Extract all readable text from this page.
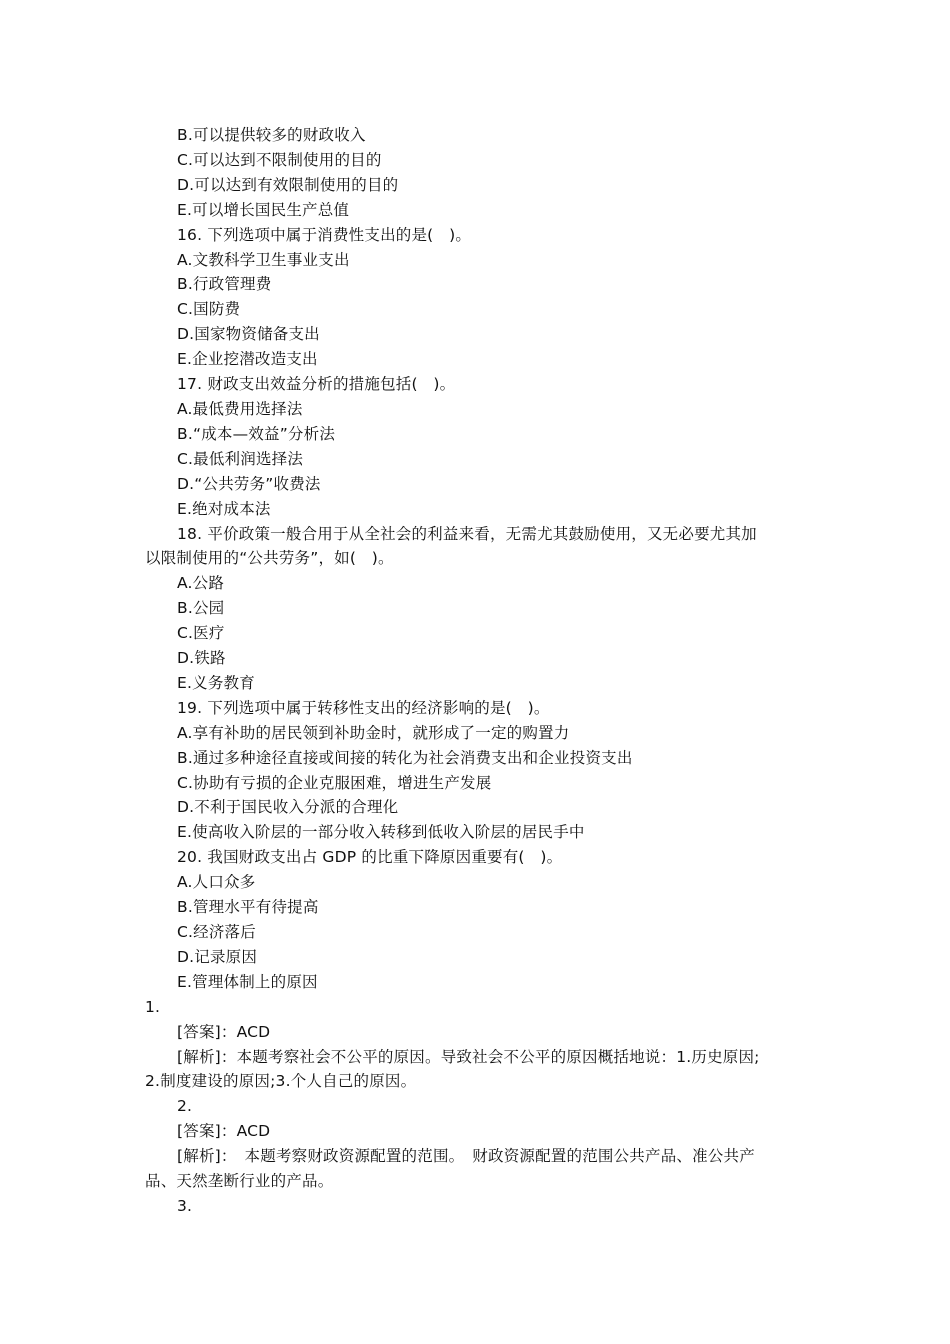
B.可以提供较多的财政收入
C.可以达到不限制使用的目的
D.可以达到有效限制使用的目的
E.可以增长国民生产总值
16. 下列选项中属于消费性支出的是(　)。
A.文教科学卫生事业支出
B.行政管理费
C.国防费
D.国家物资储备支出
E.企业挖潜改造支出
17. 财政支出效益分析的措施包括(　)。
A.最低费用选择法
B.“成本—效益”分析法
C.最低利润选择法
D.“公共劳务”收费法
E.绝对成本法
18. 平价政策一般合用于从全社会的利益来看，无需尤其鼓励使用，又无必要尤其加
以限制使用的“公共劳务”，如(　)。
A.公路
B.公园
C.医疗
D.铁路
E.义务教育
19. 下列选项中属于转移性支出的经济影响的是(　)。
A.享有补助的居民领到补助金时，就形成了一定的购置力
B.通过多种途径直接或间接的转化为社会消费支出和企业投资支出
C.协助有亏损的企业克服困难，增进生产发展
D.不利于国民收入分派的合理化
E.使高收入阶层的一部分收入转移到低收入阶层的居民手中
20. 我国财政支出占 GDP 的比重下降原因重要有(　)。
A.人口众多
B.管理水平有待提高
C.经济落后
D.记录原因
E.管理体制上的原因
1.
[答案]：ACD
[解析]：本题考察社会不公平的原因。导致社会不公平的原因概括地说：1.历史原因;
2.制度建设的原因;3.个人自己的原因。
2.
[答案]：ACD
[解析]：　本题考察财政资源配置的范围。　财政资源配置的范围公共产品、准公共产
品、天然垄断行业的产品。
3.
